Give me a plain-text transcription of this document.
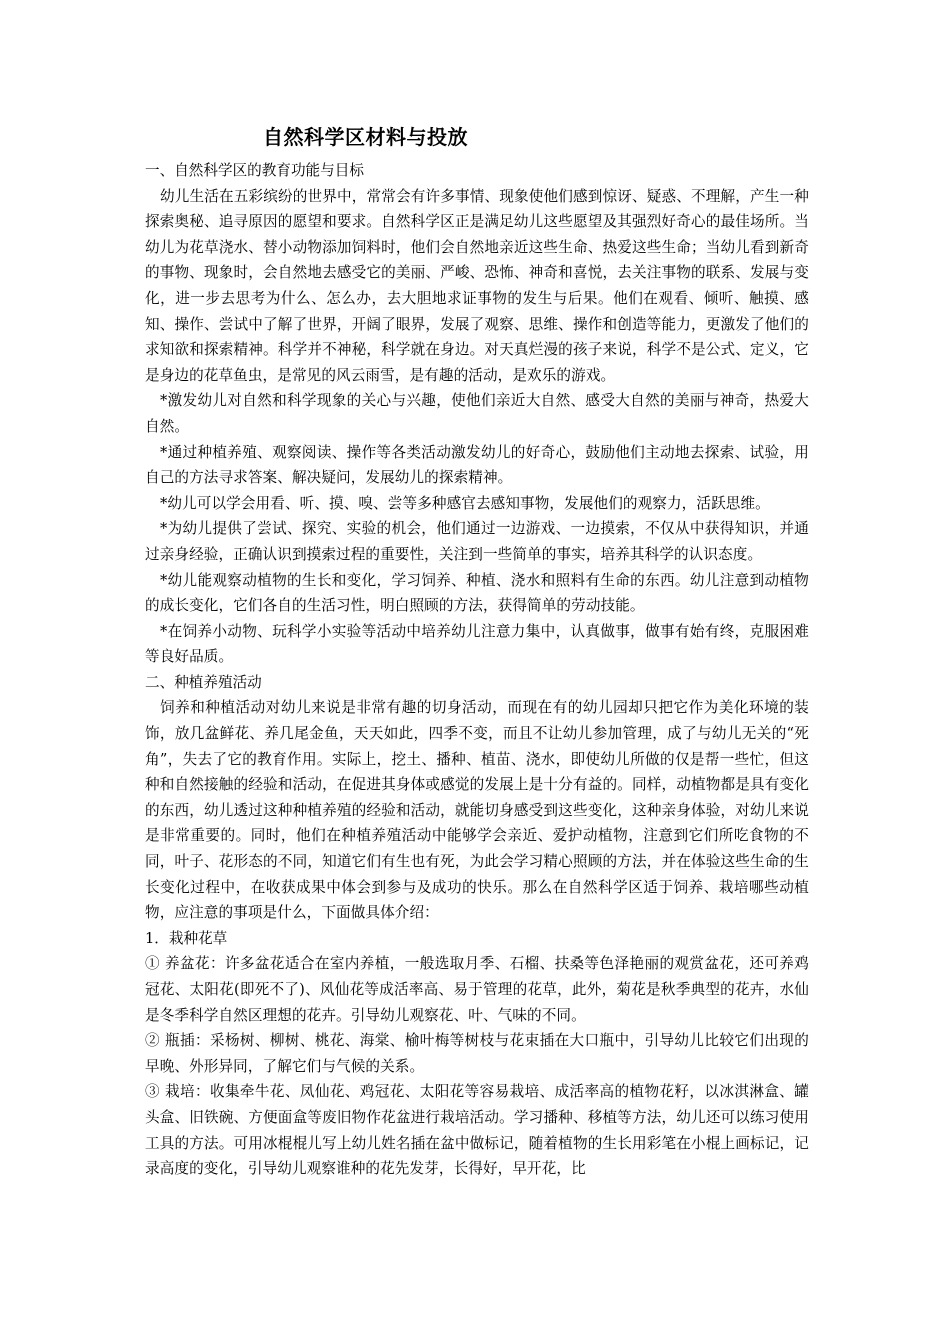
自然科学区材料与投放

一、自然科学区的教育功能与目标

幼儿生活在五彩缤纷的世界中，常常会有许多事情、现象使他们感到惊讶、疑惑、不理解，产生一种探索奥秘、追寻原因的愿望和要求。自然科学区正是满足幼儿这些愿望及其强烈好奇心的最佳场所。当幼儿为花草浇水、替小动物添加饲料时，他们会自然地亲近这些生命、热爱这些生命；当幼儿看到新奇的事物、现象时，会自然地去感受它的美丽、严峻、恐怖、神奇和喜悦，去关注事物的联系、发展与变化，进一步去思考为什么、怎么办，去大胆地求证事物的发生与后果。他们在观看、倾听、触摸、感知、操作、尝试中了解了世界，开阔了眼界，发展了观察、思维、操作和创造等能力，更激发了他们的求知欲和探索精神。科学并不神秘，科学就在身边。对天真烂漫的孩子来说，科学不是公式、定义，它是身边的花草鱼虫，是常见的风云雨雪，是有趣的活动，是欢乐的游戏。

*激发幼儿对自然和科学现象的关心与兴趣，使他们亲近大自然、感受大自然的美丽与神奇，热爱大自然。

*通过种植养殖、观察阅读、操作等各类活动激发幼儿的好奇心，鼓励他们主动地去探索、试验，用自己的方法寻求答案、解决疑问，发展幼儿的探索精神。

*幼儿可以学会用看、听、摸、嗅、尝等多种感官去感知事物，发展他们的观察力，活跃思维。

*为幼儿提供了尝试、探究、实验的机会，他们通过一边游戏、一边摸索，不仅从中获得知识，并通过亲身经验，正确认识到摸索过程的重要性，关注到一些简单的事实，培养其科学的认识态度。

*幼儿能观察动植物的生长和变化，学习饲养、种植、浇水和照料有生命的东西。幼儿注意到动植物的成长变化，它们各自的生活习性，明白照顾的方法，获得简单的劳动技能。

*在饲养小动物、玩科学小实验等活动中培养幼儿注意力集中，认真做事，做事有始有终，克服困难等良好品质。

二、种植养殖活动

饲养和种植活动对幼儿来说是非常有趣的切身活动，而现在有的幼儿园却只把它作为美化环境的装饰，放几盆鲜花、养几尾金鱼，天天如此，四季不变，而且不让幼儿参加管理，成了与幼儿无关的“死角”，失去了它的教育作用。实际上，挖土、播种、植苗、浇水，即使幼儿所做的仅是帮一些忙，但这种和自然接触的经验和活动，在促进其身体或感觉的发展上是十分有益的。同样，动植物都是具有变化的东西，幼儿透过这种种植养殖的经验和活动，就能切身感受到这些变化，这种亲身体验，对幼儿来说是非常重要的。同时，他们在种植养殖活动中能够学会亲近、爱护动植物，注意到它们所吃食物的不同，叶子、花形态的不同，知道它们有生也有死，为此会学习精心照顾的方法，并在体验这些生命的生长变化过程中，在收获成果中体会到参与及成功的快乐。那么在自然科学区适于饲养、栽培哪些动植物，应注意的事项是什么，下面做具体介绍：

1．栽种花草

① 养盆花：许多盆花适合在室内养植，一般选取月季、石榴、扶桑等色泽艳丽的观赏盆花，还可养鸡冠花、太阳花(即死不了)、风仙花等成活率高、易于管理的花草，此外，菊花是秋季典型的花卉，水仙是冬季科学自然区理想的花卉。引导幼儿观察花、叶、气味的不同。

② 瓶插：采杨树、柳树、桃花、海棠、榆叶梅等树枝与花束插在大口瓶中，引导幼儿比较它们出现的早晚、外形异同，了解它们与气候的关系。

③ 栽培：收集牵牛花、凤仙花、鸡冠花、太阳花等容易栽培、成活率高的植物花籽，以冰淇淋盒、罐头盒、旧铁碗、方便面盒等废旧物作花盆进行栽培活动。学习播种、移植等方法，幼儿还可以练习使用工具的方法。可用冰棍棍儿写上幼儿姓名插在盆中做标记，随着植物的生长用彩笔在小棍上画标记，记录高度的变化，引导幼儿观察谁种的花先发芽，长得好，早开花，比
